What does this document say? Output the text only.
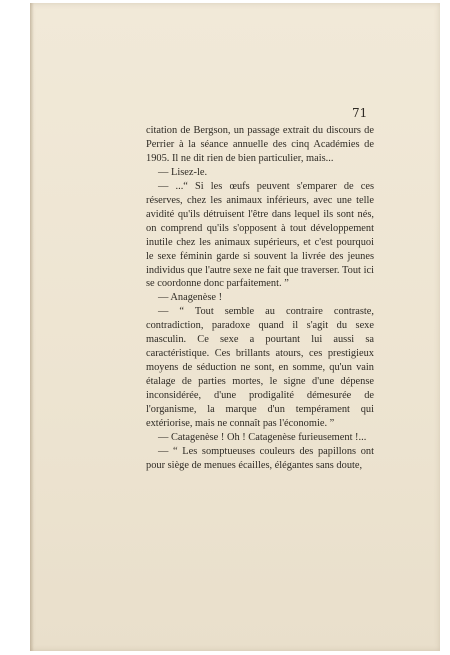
71

citation de Bergson, un passage extrait du discours de Perrier à la séance annuelle des cinq Académies de 1905. Il ne dit rien de bien particulier, mais...

— Lisez-le.

— ...“ Si les œufs peuvent s'emparer de ces réserves, chez les animaux inférieurs, avec une telle avidité qu'ils détruisent l'être dans lequel ils sont nés, on comprend qu'ils s'opposent à tout développement inutile chez les animaux supérieurs, et c'est pourquoi le sexe féminin garde si souvent la livrée des jeunes individus que l'autre sexe ne fait que traverser. Tout ici se coordonne donc parfaitement. ”

— Anagenèse !

— “ Tout semble au contraire contraste, contradiction, paradoxe quand il s'agit du sexe masculin. Ce sexe a pourtant lui aussi sa caractéristique. Ces brillants atours, ces prestigieux moyens de séduction ne sont, en somme, qu'un vain étalage de parties mortes, le signe d'une dépense inconsidérée, d'une prodigalité démesurée de l'organisme, la marque d'un tempérament qui extériorise, mais ne connaît pas l'économie. ”

— Catagenèse ! Oh ! Catagenèse furieusement !...

— “ Les somptueuses couleurs des papillons ont pour siège de menues écailles, élégantes sans doute,
